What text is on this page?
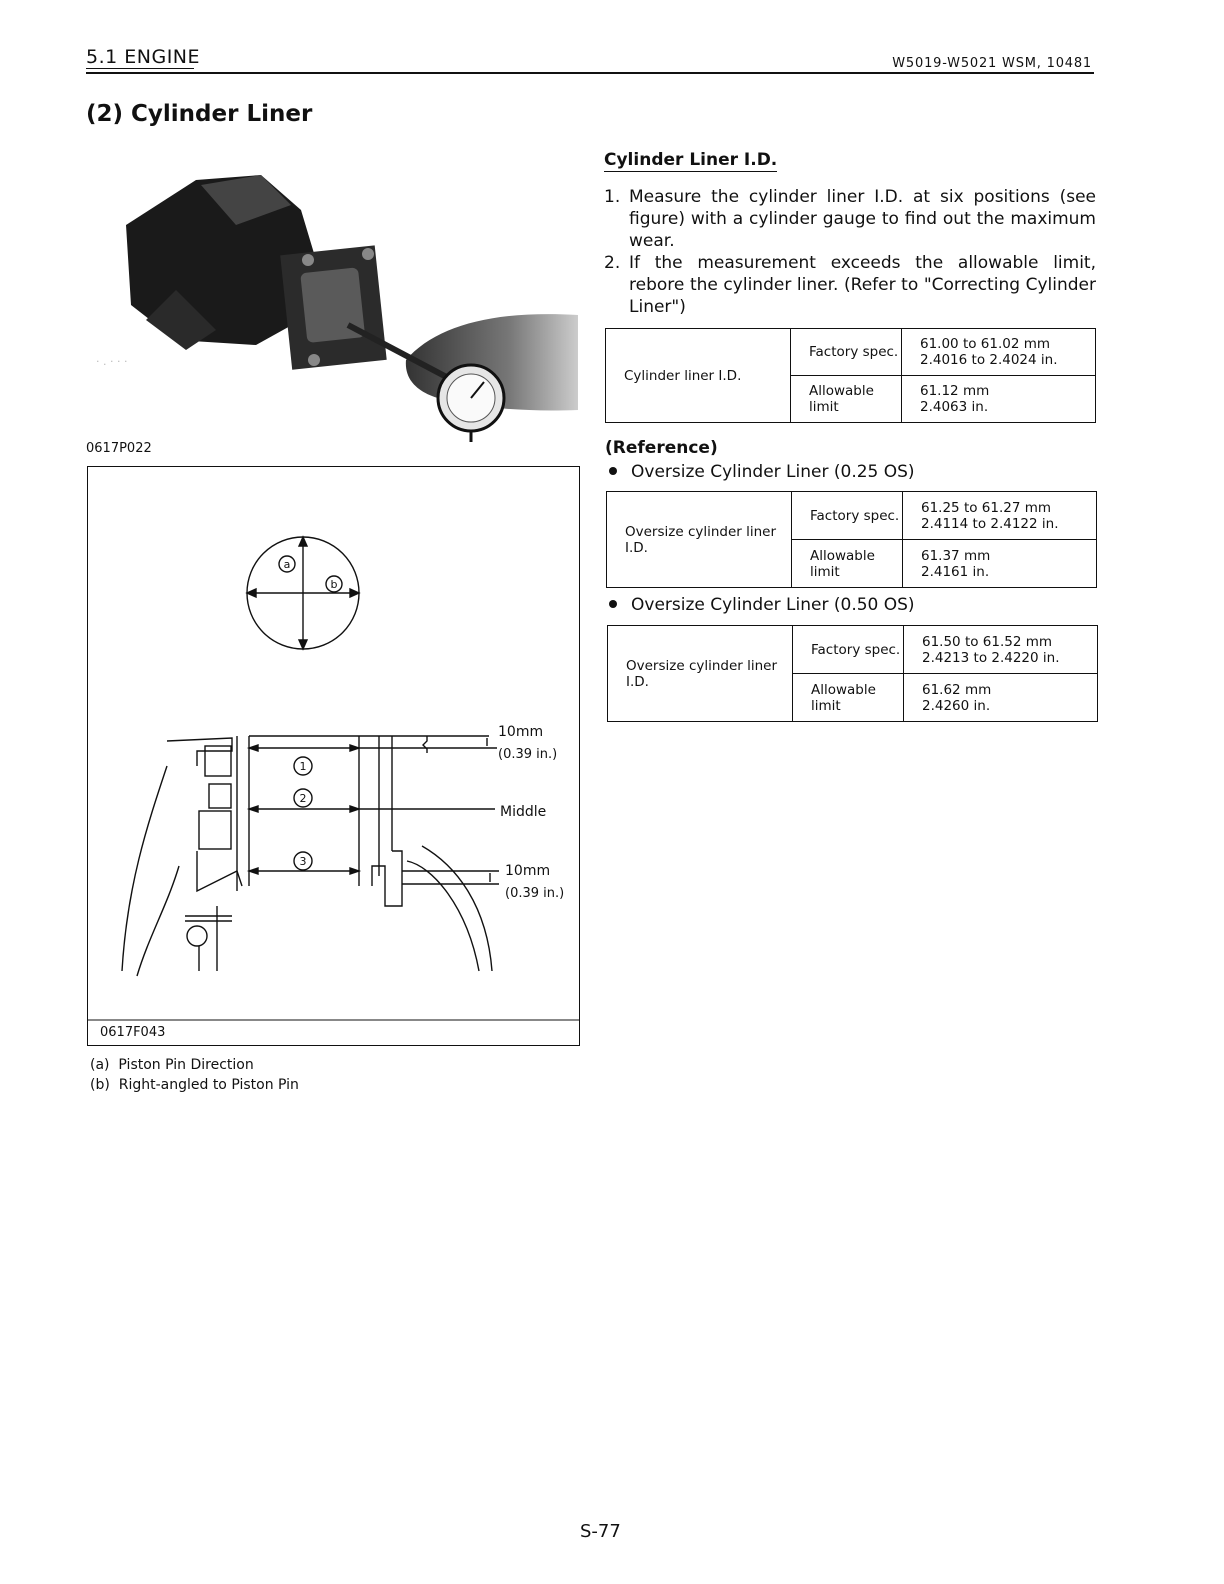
5.1 ENGINE	W5019-W5021 WSM, 10481
(2) Cylinder Liner
· . · · ·
0617P022
a
b
1
2
3
10mm
(0.39 in.)
Middle
10mm
(0.39 in.)
0617F043
(a) Piston Pin Direction
(b) Right-angled to Piston Pin
Cylinder Liner I.D.
1. Measure the cylinder liner I.D. at six positions (see figure) with a cylinder gauge to find out the maximum wear.
2. If the measurement exceeds the allowable limit, rebore the cylinder liner. (Refer to "Correcting Cylinder Liner")
Cylinder liner I.D.	Factory spec.	61.00 to 61.02 mm
2.4016 to 2.4024 in.

	Allowable limit	61.12 mm
2.4063 in.
(Reference)
Oversize Cylinder Liner (0.25 OS)
Oversize cylinder liner I.D.	Factory spec.	61.25 to 61.27 mm
2.4114 to 2.4122 in.

	Allowable limit	61.37 mm
2.4161 in.
Oversize Cylinder Liner (0.50 OS)
Oversize cylinder liner I.D.	Factory spec.	61.50 to 61.52 mm
2.4213 to 2.4220 in.

	Allowable limit	61.62 mm
2.4260 in.
S-77
